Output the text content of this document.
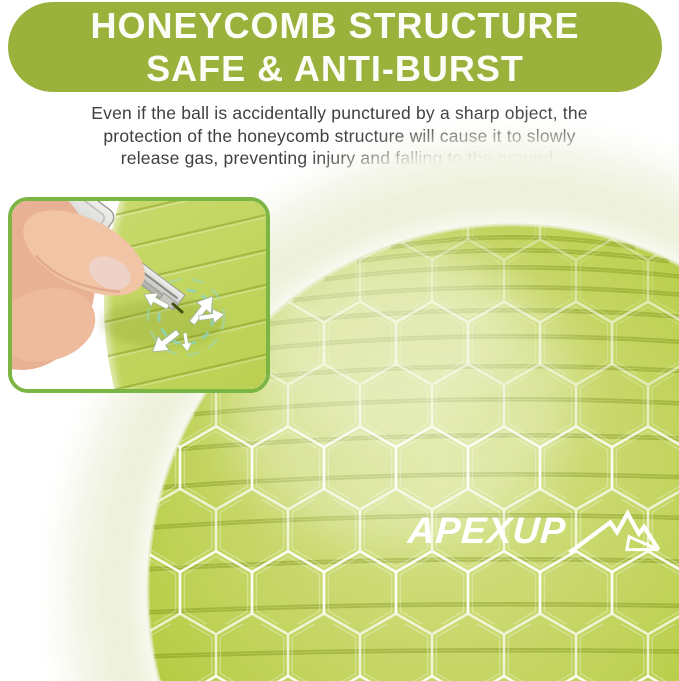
HONEYCOMB STRUCTURE
SAFE & ANTI-BURST
Even if the ball is accidentally punctured by a sharp object, the
protection of the honeycomb structure will cause it to slowly
release gas, preventing injury and falling to the ground.
APEXUP
